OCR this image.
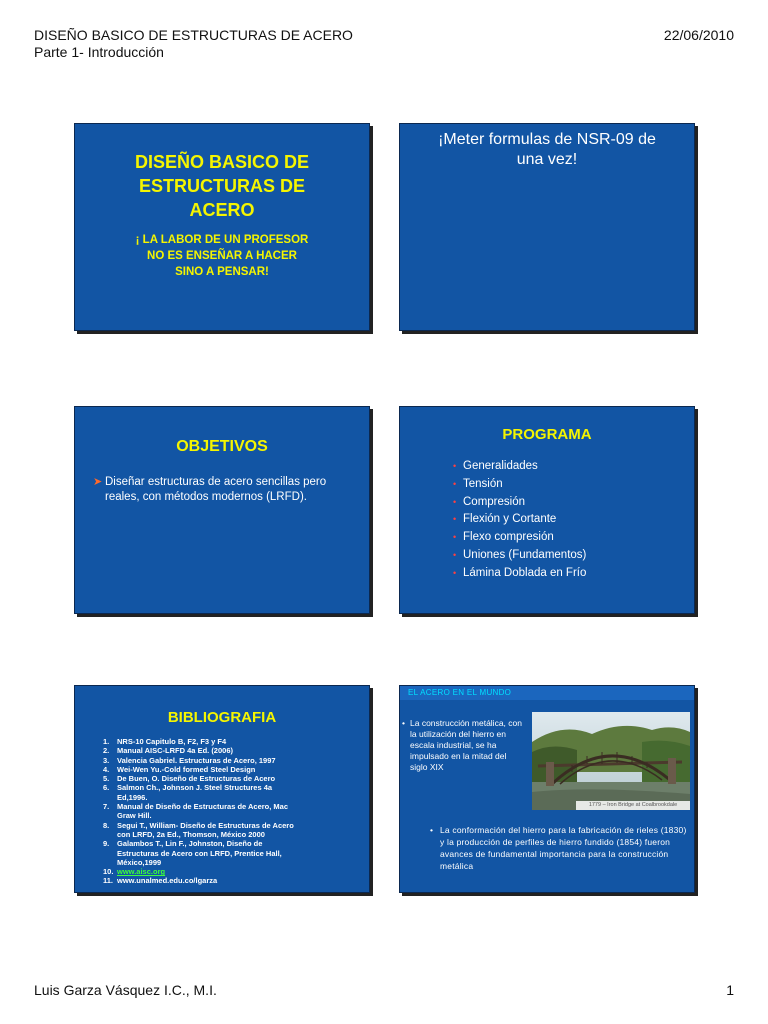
DISEÑO BASICO DE ESTRUCTURAS DE ACERO
Parte 1- Introducción
22/06/2010
DISEÑO BASICO DE
ESTRUCTURAS DE
ACERO
¡ LA LABOR DE UN PROFESOR
NO ES ENSEÑAR A HACER
SINO A PENSAR!
¡Meter formulas de NSR-09 de
una vez!
OBJETIVOS
➤ Diseñar estructuras de acero sencillas pero reales, con métodos modernos (LRFD).
PROGRAMA
• Generalidades
• Tensión
• Compresión
• Flexión y Cortante
• Flexo compresión
• Uniones (Fundamentos)
• Lámina Doblada en Frío
BIBLIOGRAFIA
1. NRS-10 Capitulo B, F2, F3 y F4
2. Manual AISC-LRFD 4a Ed. (2006)
3. Valencia Gabriel. Estructuras de Acero, 1997
4. Wei-Wen Yu.-Cold formed Steel Design
5. De Buen, O. Diseño de Estructuras de Acero
6. Salmon Ch., Johnson J. Steel Structures 4a
Ed,1996.
7. Manual de Diseño de Estructuras de Acero, Mac
Graw Hill.
8. Segui T., William- Diseño de Estructuras de Acero
con LRFD, 2a Ed., Thomson, México 2000
9. Galambos T., Lin F., Johnston, Diseño de
Estructuras de Acero con LRFD, Prentice Hall,
México,1999
10. www.aisc.org
11. www.unalmed.edu.co/lgarza
EL ACERO EN EL MUNDO
• La construcción metálica, con la utilización del hierro en escala industrial, se ha impulsado en la mitad del siglo XIX
1779 – Iron Bridge at Coalbrookdale
• La conformación del hierro para la fabricación de rieles (1830) y la producción de perfiles de hierro fundido (1854) fueron avances de fundamental importancia para la construcción metálica
Luis Garza Vásquez I.C., M.I.	1
